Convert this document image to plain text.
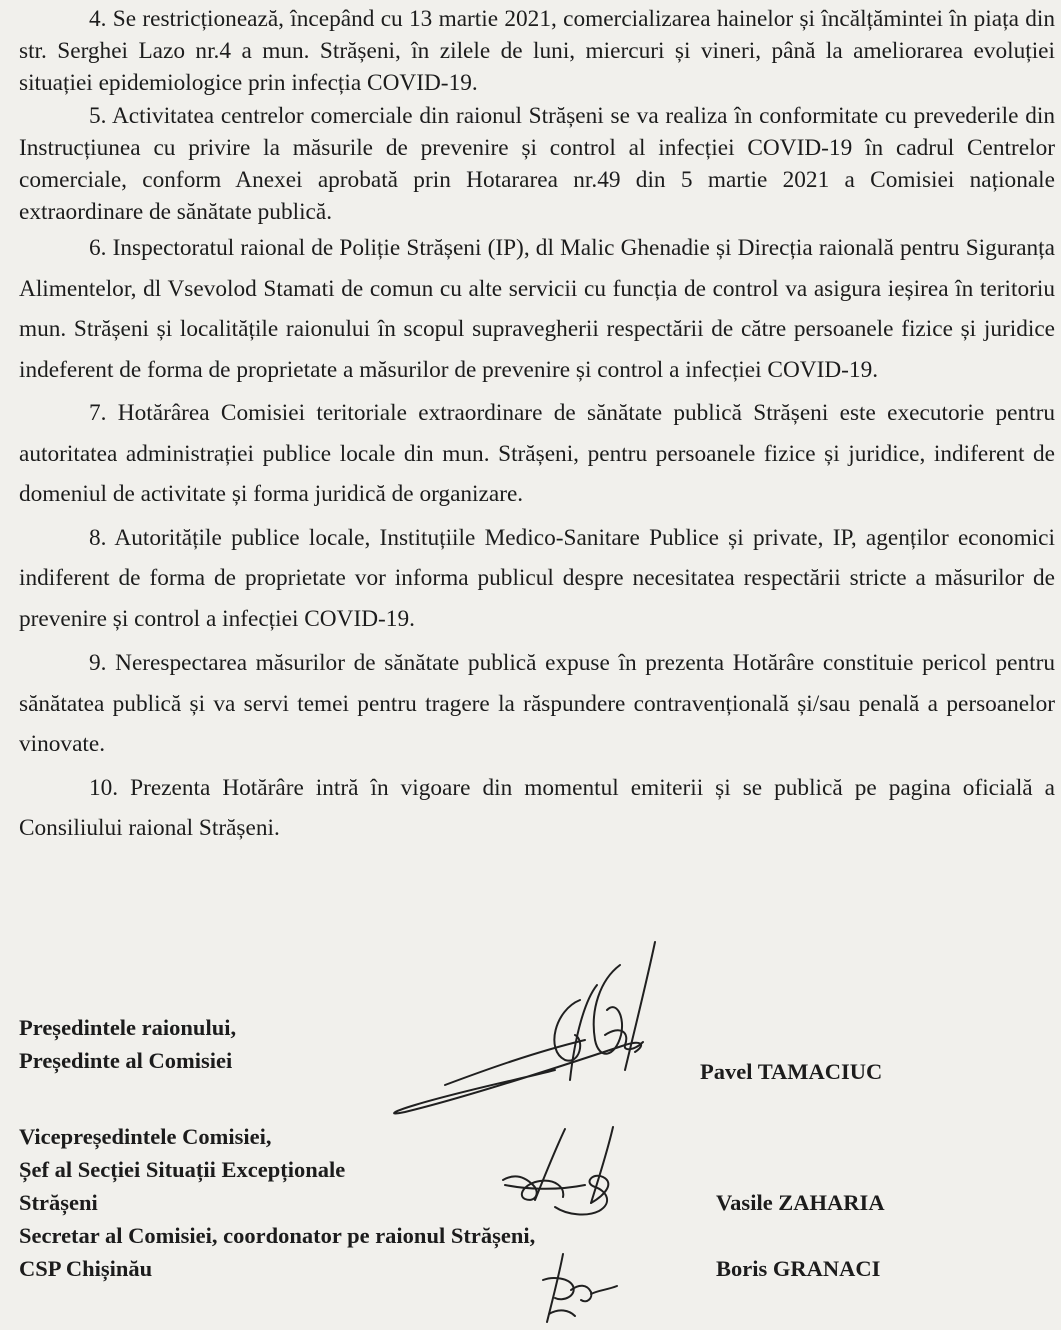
4. Se restricționează, începând cu 13 martie 2021, comercializarea hainelor și încălțămintei în piața din str. Serghei Lazo nr.4 a mun. Strășeni, în zilele de luni, miercuri și vineri, până la ameliorarea evoluției situației epidemiologice prin infecția COVID-19.

5. Activitatea centrelor comerciale din raionul Strășeni se va realiza în conformitate cu prevederile din Instrucțiunea cu privire la măsurile de prevenire și control al infecției COVID-19 în cadrul Centrelor comerciale, conform Anexei aprobată prin Hotararea nr.49 din 5 martie 2021 a Comisiei naționale extraordinare de sănătate publică.

6. Inspectoratul raional de Poliție Strășeni (IP), dl Malic Ghenadie și Direcția raională pentru Siguranța Alimentelor, dl Vsevolod Stamati de comun cu alte servicii cu funcția de control va asigura ieșirea în teritoriu mun. Strășeni și localitățile raionului în scopul supravegherii respectării de către persoanele fizice și juridice indeferent de forma de proprietate a măsurilor de prevenire și control a infecției COVID-19.

7. Hotărârea Comisiei teritoriale extraordinare de sănătate publică Strășeni este executorie pentru autoritatea administrației publice locale din mun. Strășeni, pentru persoanele fizice și juridice, indiferent de domeniul de activitate și forma juridică de organizare.

8. Autoritățile publice locale, Instituțiile Medico-Sanitare Publice și private, IP, agenților economici indiferent de forma de proprietate vor informa publicul despre necesitatea respectării stricte a măsurilor de prevenire și control a infecției COVID-19.

9. Nerespectarea măsurilor de sănătate publică expuse în prezenta Hotărâre constituie pericol pentru sănătatea publică și va servi temei pentru tragere la răspundere contravențională și/sau penală a persoanelor vinovate.

10. Prezenta Hotărâre intră în vigoare din momentul emiterii și se publică pe pagina oficială a Consiliului raional Strășeni.

Președintele raionului,
Președinte al Comisiei	Pavel TAMACIUC
Vicepreședintele Comisiei,
Șef al Secției Situații Excepționale
Strășeni
Secretar al Comisiei, coordonator pe raionul Strășeni,
CSP Chișinău
Vasile ZAHARIA
Boris GRANACI
